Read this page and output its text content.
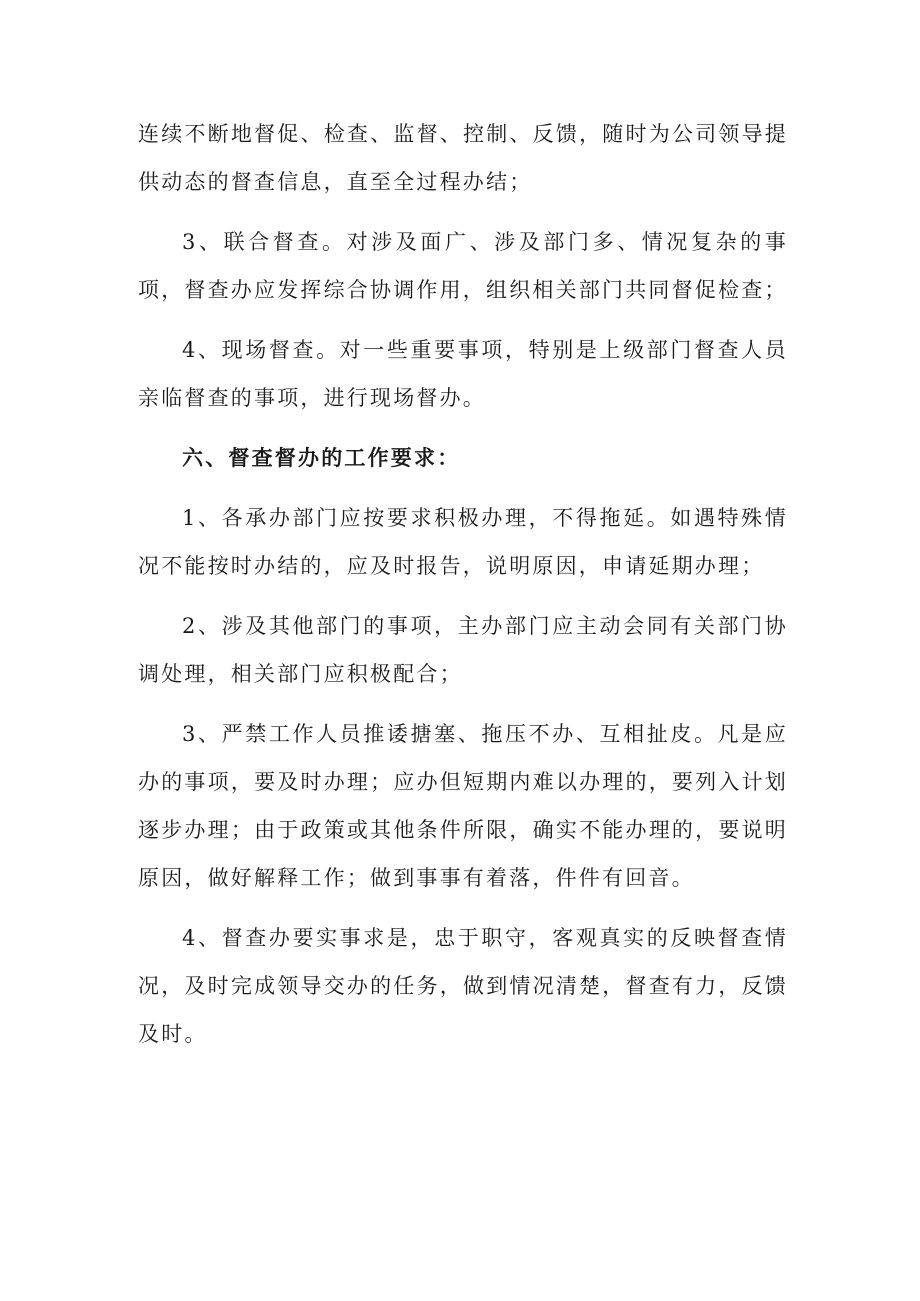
连续不断地督促、检查、监督、控制、反馈，随时为公司领导提供动态的督查信息，直至全过程办结；

3、联合督查。对涉及面广、涉及部门多、情况复杂的事项，督查办应发挥综合协调作用，组织相关部门共同督促检查；

4、现场督查。对一些重要事项，特别是上级部门督查人员亲临督查的事项，进行现场督办。

六、督查督办的工作要求：

1、各承办部门应按要求积极办理，不得拖延。如遇特殊情况不能按时办结的，应及时报告，说明原因，申请延期办理；

2、涉及其他部门的事项，主办部门应主动会同有关部门协调处理，相关部门应积极配合；

3、严禁工作人员推诿搪塞、拖压不办、互相扯皮。凡是应办的事项，要及时办理；应办但短期内难以办理的，要列入计划逐步办理；由于政策或其他条件所限，确实不能办理的，要说明原因，做好解释工作；做到事事有着落，件件有回音。

4、督查办要实事求是，忠于职守，客观真实的反映督查情况，及时完成领导交办的任务，做到情况清楚，督查有力，反馈及时。
